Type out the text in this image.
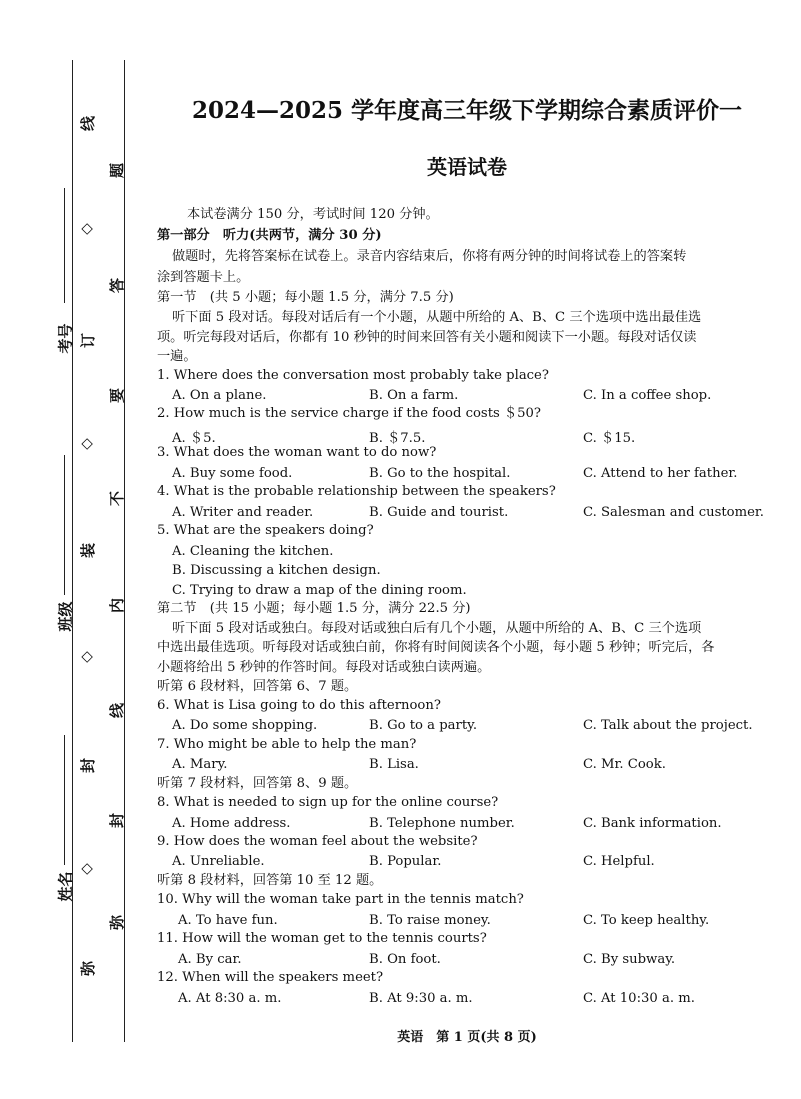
考号
班级
姓名
弥
线
题
◇
答
订
要
◇
不
装
内
◇
线
封
封
◇
弥
2024—2025 学年度高三年级下学期综合素质评价一
英语试卷
本试卷满分 150 分，考试时间 120 分钟。
第一部分　听力(共两节，满分 30 分)
做题时，先将答案标在试卷上。录音内容结束后，你将有两分钟的时间将试卷上的答案转
涂到答题卡上。
第一节　(共 5 小题；每小题 1.5 分，满分 7.5 分)
听下面 5 段对话。每段对话后有一个小题，从题中所给的 A、B、C 三个选项中选出最佳选
项。听完每段对话后，你都有 10 秒钟的时间来回答有关小题和阅读下一小题。每段对话仅读
一遍。
1. Where does the conversation most probably take place?
A. On a plane.	B. On a farm.	C. In a coffee shop.
2. How much is the service charge if the food costs ＄50?
A. ＄5.	B. ＄7.5.	C. ＄15.
3. What does the woman want to do now?
A. Buy some food.	B. Go to the hospital.	C. Attend to her father.
4. What is the probable relationship between the speakers?
A. Writer and reader.	B. Guide and tourist.	C. Salesman and customer.
5. What are the speakers doing?
A. Cleaning the kitchen.
B. Discussing a kitchen design.
C. Trying to draw a map of the dining room.
第二节　(共 15 小题；每小题 1.5 分，满分 22.5 分)
听下面 5 段对话或独白。每段对话或独白后有几个小题，从题中所给的 A、B、C 三个选项
中选出最佳选项。听每段对话或独白前，你将有时间阅读各个小题，每小题 5 秒钟；听完后，各
小题将给出 5 秒钟的作答时间。每段对话或独白读两遍。
听第 6 段材料，回答第 6、7 题。
6. What is Lisa going to do this afternoon?
A. Do some shopping.	B. Go to a party.	C. Talk about the project.
7. Who might be able to help the man?
A. Mary.	B. Lisa.	C. Mr. Cook.
听第 7 段材料，回答第 8、9 题。
8. What is needed to sign up for the online course?
A. Home address.	B. Telephone number.	C. Bank information.
9. How does the woman feel about the website?
A. Unreliable.	B. Popular.	C. Helpful.
听第 8 段材料，回答第 10 至 12 题。
10. Why will the woman take part in the tennis match?
A. To have fun.	B. To raise money.	C. To keep healthy.
11. How will the woman get to the tennis courts?
A. By car.	B. On foot.	C. By subway.
12. When will the speakers meet?
A. At 8:30 a. m.	B. At 9:30 a. m.	C. At 10:30 a. m.
英语　第 1 页(共 8 页)
